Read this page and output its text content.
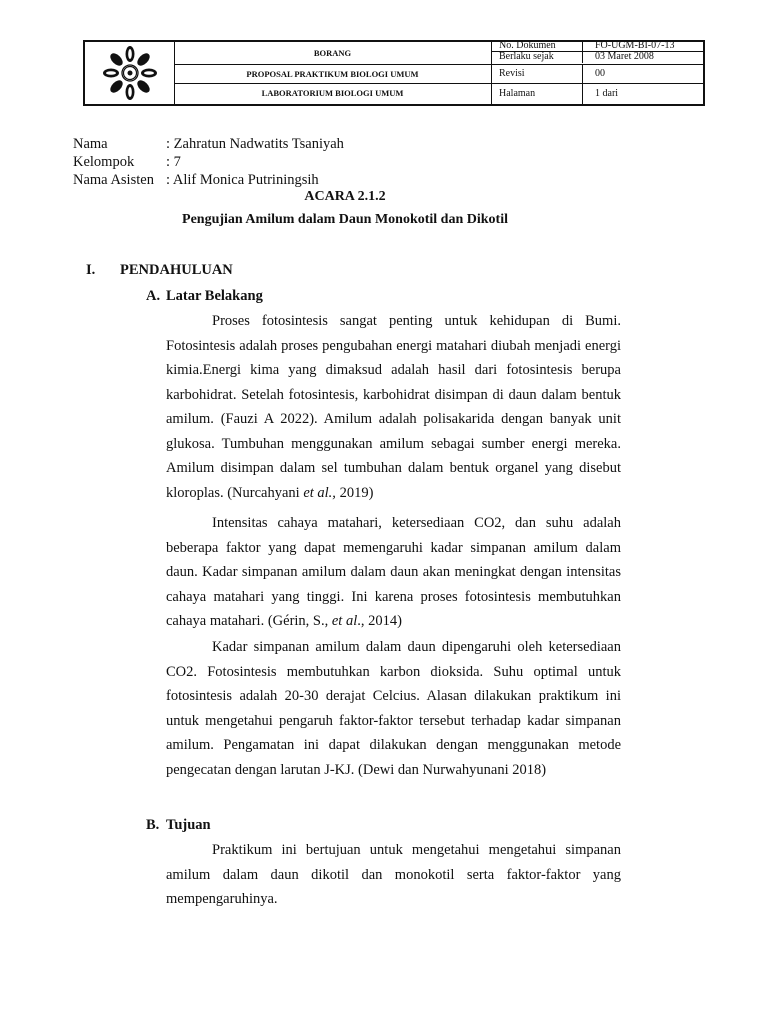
BORANG
PROPOSAL PRAKTIKUM BIOLOGI UMUM
LABORATORIUM BIOLOGI UMUM
No. Dokumen	FO-UGM-BI-07-13
Berlaku sejak	03 Maret 2008
Revisi	00
Halaman	1 dari
Nama	: Zahratun Nadwatits Tsaniyah
Kelompok : 7
Nama Asisten : Alif Monica Putriningsih
ACARA 2.1.2
Pengujian Amilum dalam Daun Monokotil dan Dikotil
I. PENDAHULUAN
A. Latar Belakang

Proses fotosintesis sangat penting untuk kehidupan di Bumi. Fotosintesis adalah proses pengubahan energi matahari diubah menjadi energi kimia.Energi kima yang dimaksud adalah hasil dari fotosintesis berupa karbohidrat. Setelah fotosintesis, karbohidrat disimpan di daun dalam bentuk amilum. (Fauzi A 2022). Amilum adalah polisakarida dengan banyak unit glukosa. Tumbuhan menggunakan amilum sebagai sumber energi mereka. Amilum disimpan dalam sel tumbuhan dalam bentuk organel yang disebut kloroplas. (Nurcahyani et al., 2019)

Intensitas cahaya matahari, ketersediaan CO2, dan suhu adalah beberapa faktor yang dapat memengaruhi kadar simpanan amilum dalam daun. Kadar simpanan amilum dalam daun akan meningkat dengan intensitas cahaya matahari yang tinggi. Ini karena proses fotosintesis membutuhkan cahaya matahari. (Gérin, S., et al., 2014)

Kadar simpanan amilum dalam daun dipengaruhi oleh ketersediaan CO2. Fotosintesis membutuhkan karbon dioksida. Suhu optimal untuk fotosintesis adalah 20-30 derajat Celcius. Alasan dilakukan praktikum ini untuk mengetahui pengaruh faktor-faktor tersebut terhadap kadar simpanan amilum. Pengamatan ini dapat dilakukan dengan menggunakan metode pengecatan dengan larutan J-KJ. (Dewi dan Nurwahyunani 2018)

B. Tujuan

Praktikum ini bertujuan untuk mengetahui mengetahui simpanan amilum dalam daun dikotil dan monokotil serta faktor-faktor yang mempengaruhinya.
